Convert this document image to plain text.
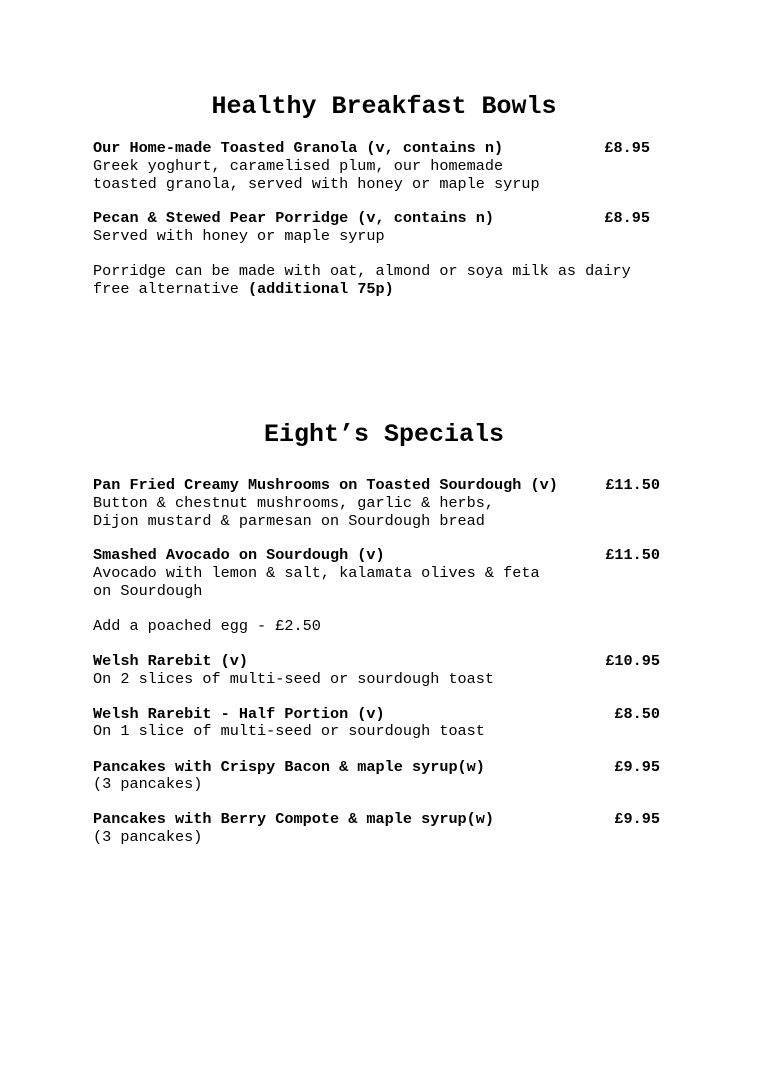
Healthy Breakfast Bowls

Our Home-made Toasted Granola (v, contains n)	£8.95

Greek yoghurt, caramelised plum, our homemade

toasted granola, served with honey or maple syrup

Pecan & Stewed Pear Porridge (v, contains n)	£8.95

Served with honey or maple syrup

Porridge can be made with oat, almond or soya milk as dairy

free alternative (additional 75p)

Eight’s Specials

Pan Fried Creamy Mushrooms on Toasted Sourdough (v)	£11.50

Button & chestnut mushrooms, garlic & herbs,

Dijon mustard & parmesan on Sourdough bread

Smashed Avocado on Sourdough (v)	£11.50

Avocado with lemon & salt, kalamata olives & feta

on Sourdough

Add a poached egg - £2.50

Welsh Rarebit (v)	£10.95

On 2 slices of multi-seed or sourdough toast

Welsh Rarebit - Half Portion (v)	£8.50

On 1 slice of multi-seed or sourdough toast

Pancakes with Crispy Bacon & maple syrup(w)	£9.95

(3 pancakes)

Pancakes with Berry Compote & maple syrup(w)	£9.95

(3 pancakes)
